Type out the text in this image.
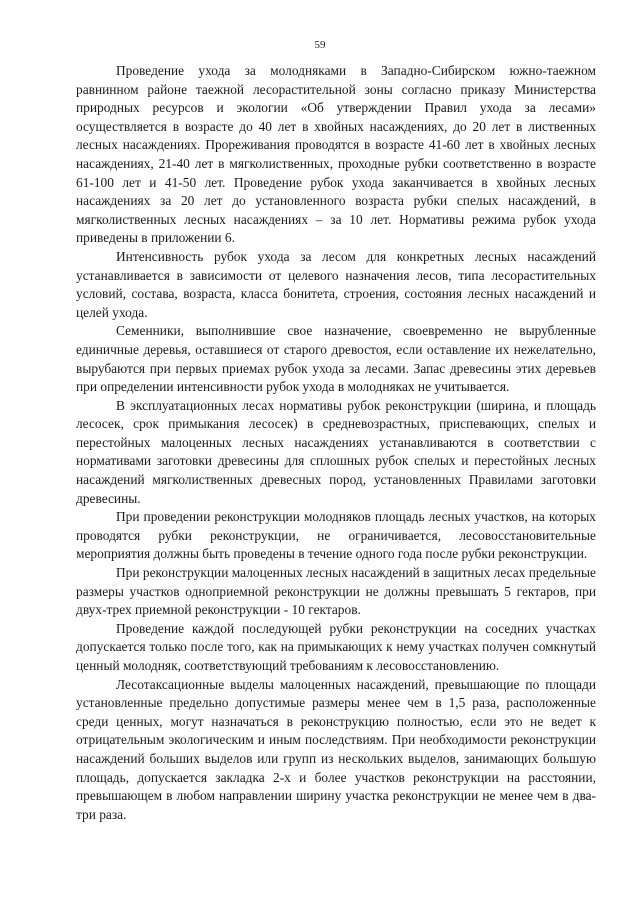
59

Проведение ухода за молодняками в Западно-Сибирском южно-таежном равнинном районе таежной лесорастительной зоны согласно приказу Министерства природных ресурсов и экологии «Об утверждении Правил ухода за лесами» осуществляется в возрасте до 40 лет в хвойных насаждениях, до 20 лет в лиственных лесных насаждениях. Прореживания проводятся в возрасте 41-60 лет в хвойных лесных насаждениях, 21-40 лет в мягколиственных, проходные рубки соответственно в возрасте 61-100 лет и 41-50 лет. Проведение рубок ухода заканчивается в хвойных лесных насаждениях за 20 лет до установленного возраста рубки спелых насаждений, в мягколиственных лесных насаждениях – за 10 лет. Нормативы режима рубок ухода приведены в приложении 6.

Интенсивность рубок ухода за лесом для конкретных лесных насаждений устанавливается в зависимости от целевого назначения лесов, типа лесорастительных условий, состава, возраста, класса бонитета, строения, состояния лесных насаждений и целей ухода.

Семенники, выполнившие свое назначение, своевременно не вырубленные единичные деревья, оставшиеся от старого древостоя, если оставление их нежелательно, вырубаются при первых приемах рубок ухода за лесами. Запас древесины этих деревьев при определении интенсивности рубок ухода в молодняках не учитывается.

В эксплуатационных лесах нормативы рубок реконструкции (ширина, и площадь лесосек, срок примыкания лесосек) в средневозрастных, приспевающих, спелых и перестойных малоценных лесных насаждениях устанавливаются в соответствии с нормативами заготовки древесины для сплошных рубок спелых и перестойных лесных насаждений мягколиственных древесных пород, установленных Правилами заготовки древесины.

При проведении реконструкции молодняков площадь лесных участков, на которых проводятся рубки реконструкции, не ограничивается, лесовосстановительные мероприятия должны быть проведены в течение одного года после рубки реконструкции.

При реконструкции малоценных лесных насаждений в защитных лесах предельные размеры участков одноприемной реконструкции не должны превышать 5 гектаров, при двух-трех приемной реконструкции - 10 гектаров.

Проведение каждой последующей рубки реконструкции на соседних участках допускается только после того, как на примыкающих к нему участках получен сомкнутый ценный молодняк, соответствующий требованиям к лесовосстановлению.

Лесотаксационные выделы малоценных насаждений, превышающие по площади установленные предельно допустимые размеры менее чем в 1,5 раза, расположенные среди ценных, могут назначаться в реконструкцию полностью, если это не ведет к отрицательным экологическим и иным последствиям. При необходимости реконструкции насаждений больших выделов или групп из нескольких выделов, занимающих большую площадь, допускается закладка 2-х и более участков реконструкции на расстоянии, превышающем в любом направлении ширину участка реконструкции не менее чем в два-три раза.
